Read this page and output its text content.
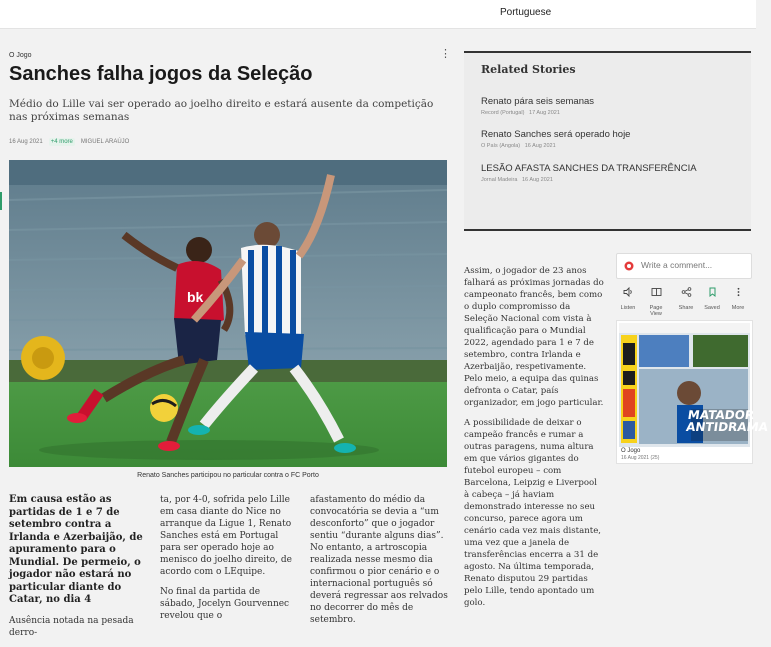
Portuguese
O Jogo	⋮
Sanches falha jogos da Seleção
Médio do Lille vai ser operado ao joelho direito e estará ausente da competição nas próximas semanas
16 Aug 2021	+4 more	MIGUEL ARAÚJO
bk
Renato Sanches participou no particular contra o FC Porto

Em causa estão as partidas de 1 e 7 de setembro contra a Irlanda e Azerbaijão, de apuramento para o Mundial. De permeio, o jogador não estará no particular diante do Catar, no dia 4

Ausência notada na pesada derro-

ta, por 4-0, sofrida pelo Lille em casa diante do Nice no arranque da Ligue 1, Renato Sanches está em Portugal para ser operado hoje ao menisco do joelho direito, de acordo com o LEquipe.

No final da partida de sábado, Jocelyn Gourvennec revelou que o

afastamento do médio da convocatória se devia a “um desconforto” que o jogador sentiu “durante alguns dias”. No entanto, a artroscopia realizada nesse mesmo dia confirmou o pior cenário e o internacional português só deverá regressar aos relvados no decorrer do mês de setembro.

Assim, o jogador de 23 anos falhará as próximas jornadas do campeonato francês, bem como o duplo compromisso da Seleção Nacional com vista à qualificação para o Mundial 2022, agendado para 1 e 7 de setembro, contra Irlanda e Azerbaijão, respetivamente. Pelo meio, a equipa das quinas defronta o Catar, país organizador, em jogo particular.

A possibilidade de deixar o campeão francês e rumar a outras paragens, numa altura em que vários gigantes do futebol europeu – com Barcelona, Leipzig e Liverpool à cabeça – já haviam demonstrado interesse no seu concurso, parece agora um cenário cada vez mais distante, uma vez que a janela de transferências encerra a 31 de agosto. Na última temporada, Renato disputou 29 partidas pelo Lille, tendo apontado um golo.

Related Stories
Renato pára seis semanas
Record (Portugal) 17 Aug 2021
Renato Sanches será operado hoje
O País (Angola) 16 Aug 2021
LESÃO AFASTA SANCHES DA TRANSFERÊNCIA
Jornal Madeira 16 Aug 2021
Write a comment...
Listen	Page View
Share	Saved	More
MATADOR
ANTIDRAMA
O Jogo
16 Aug 2021 (25)
